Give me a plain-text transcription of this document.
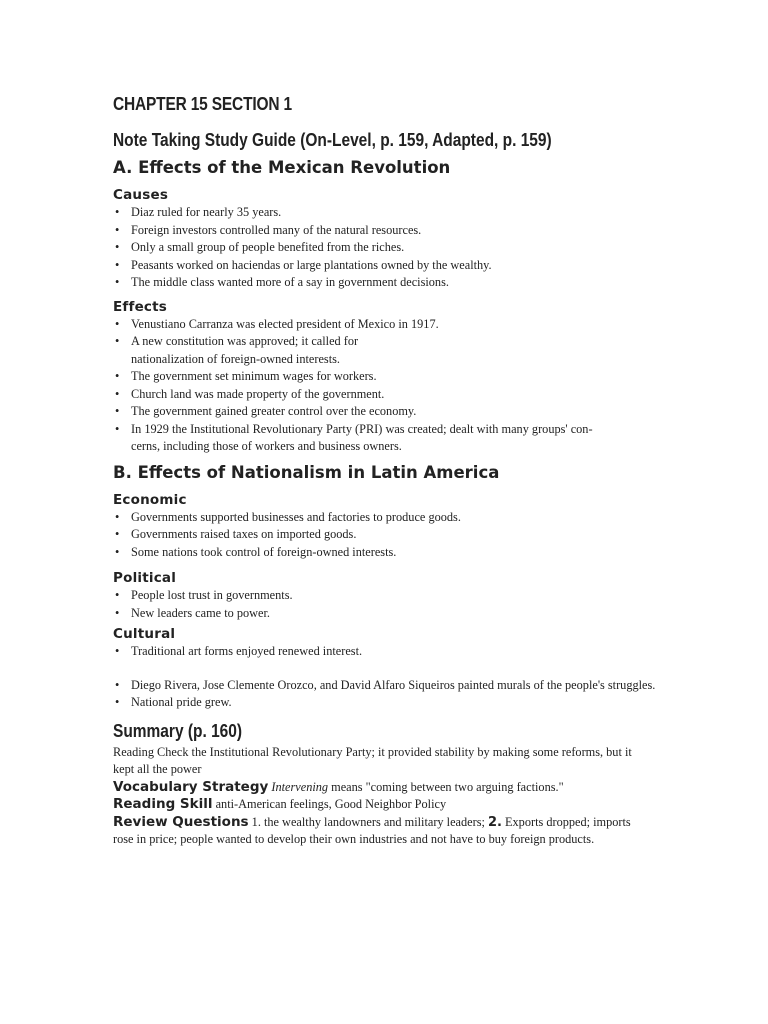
CHAPTER 15 SECTION 1
Note Taking Study Guide (On-Level, p. 159, Adapted, p. 159)
A. Effects of the Mexican Revolution
Causes
• Diaz ruled for nearly 35 years.
• Foreign investors controlled many of the natural resources.
• Only a small group of people benefited from the riches.
• Peasants worked on haciendas or large plantations owned by the wealthy.
• The middle class wanted more of a say in government decisions.
Effects
• Venustiano Carranza was elected president of Mexico in 1917.
• A new constitution was approved; it called for
nationalization of foreign-owned interests.
• The government set minimum wages for workers.
• Church land was made property of the government.
• The government gained greater control over the economy.
• In 1929 the Institutional Revolutionary Party (PRI) was created; dealt with many groups' con-
cerns, including those of workers and business owners.
B. Effects of Nationalism in Latin America
Economic
• Governments supported businesses and factories to produce goods.
• Governments raised taxes on imported goods.
• Some nations took control of foreign-owned interests.
Political
• People lost trust in governments.
• New leaders came to power.
Cultural
• Traditional art forms enjoyed renewed interest.
• Diego Rivera, Jose Clemente Orozco, and David Alfaro Siqueiros painted murals of the people's struggles.
• National pride grew.
Summary (p. 160)

Reading Check the Institutional Revolutionary Party; it provided stability by making some reforms, but it kept all the power

Vocabulary Strategy Intervening means "coming between two arguing factions."

Reading Skill anti-American feelings, Good Neighbor Policy

Review Questions 1. the wealthy landowners and military leaders; 2. Exports dropped; imports rose in price; people wanted to develop their own industries and not have to buy foreign products.
